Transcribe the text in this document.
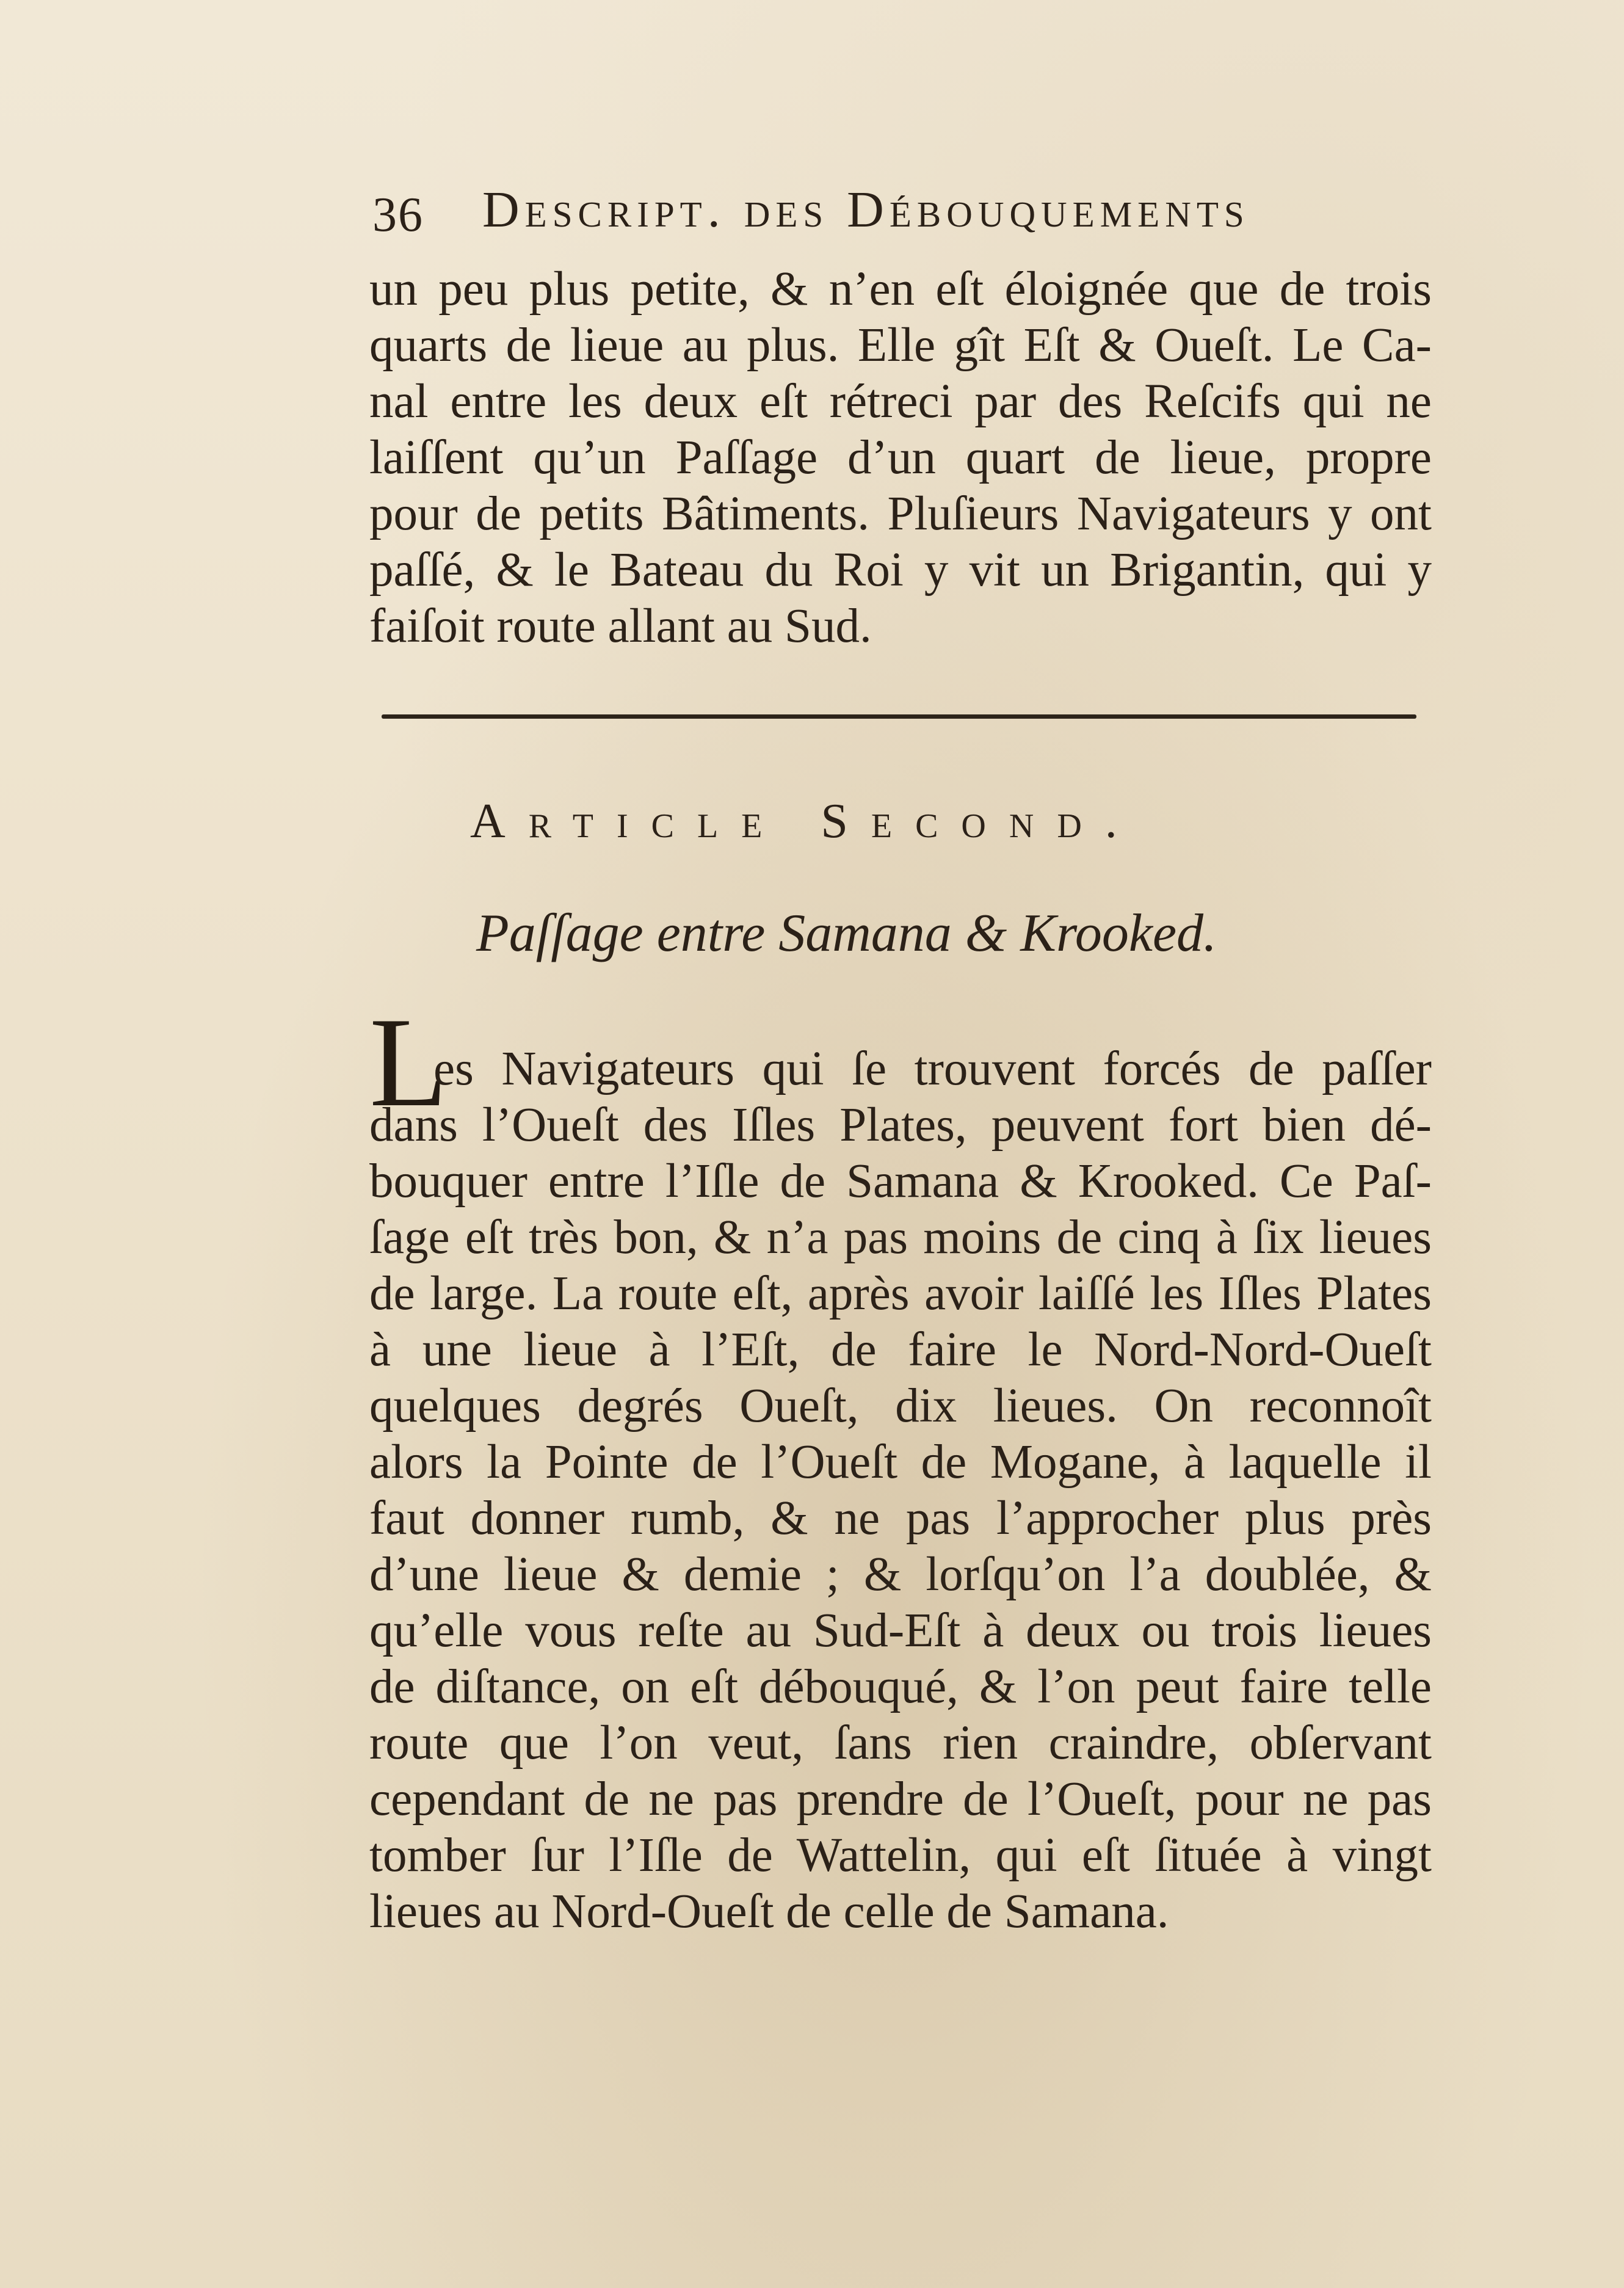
36 Descript. des Débouquements
un peu plus petite, & n’en eſt éloignée que de trois
quarts de lieue au plus. Elle gît Eſt & Oueſt. Le Ca-
nal entre les deux eſt rétreci par des Reſcifs qui ne
laiſſent qu’un Paſſage d’un quart de lieue, propre
pour de petits Bâtiments. Pluſieurs Navigateurs y ont
paſſé, & le Bateau du Roi y vit un Brigantin, qui y
faiſoit route allant au Sud.
Article Second.
Paſſage entre Samana & Krooked.
L
es Navigateurs qui ſe trouvent forcés de paſſer
dans l’Oueſt des Iſles Plates, peuvent fort bien dé-
bouquer entre l’Iſle de Samana & Krooked. Ce Paſ-
ſage eſt très bon, & n’a pas moins de cinq à ſix lieues
de large. La route eſt, après avoir laiſſé les Iſles Plates
à une lieue à l’Eſt, de faire le Nord-Nord-Oueſt
quelques degrés Oueſt, dix lieues. On reconnoît
alors la Pointe de l’Oueſt de Mogane, à laquelle il
faut donner rumb, & ne pas l’approcher plus près
d’une lieue & demie ; & lorſqu’on l’a doublée, &
qu’elle vous reſte au Sud-Eſt à deux ou trois lieues
de diſtance, on eſt débouqué, & l’on peut faire telle
route que l’on veut, ſans rien craindre, obſervant
cependant de ne pas prendre de l’Oueſt, pour ne pas
tomber ſur l’Iſle de Wattelin, qui eſt ſituée à vingt
lieues au Nord-Oueſt de celle de Samana.
